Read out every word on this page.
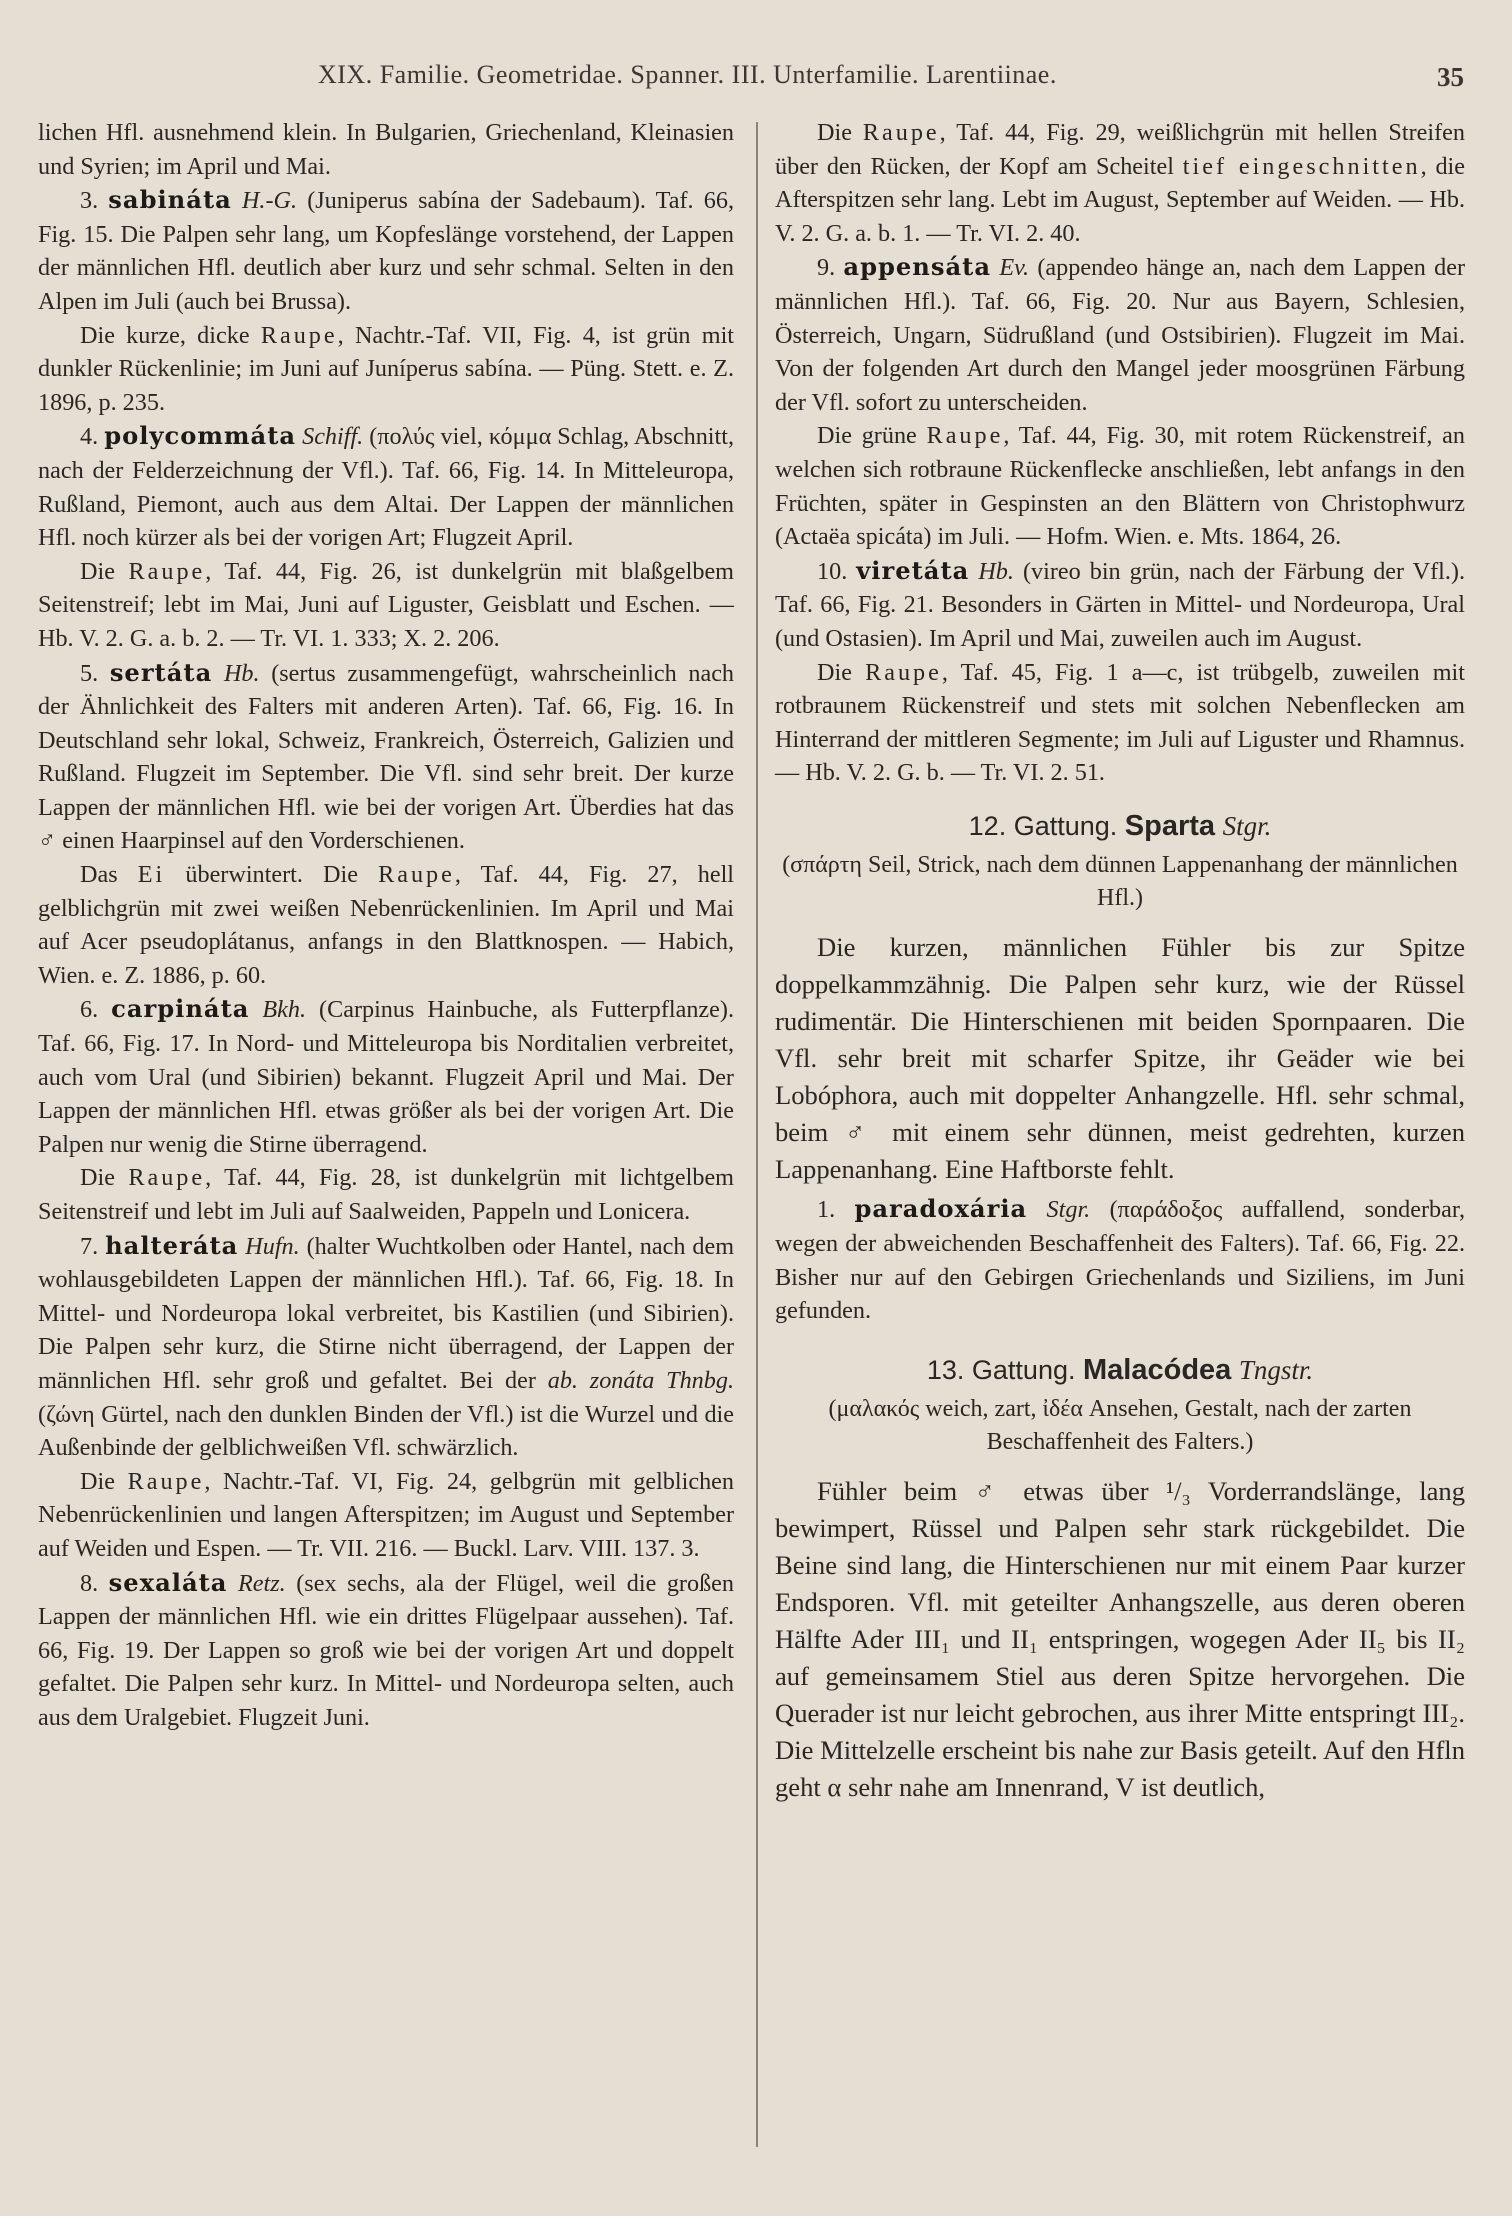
XIX. Familie. Geometridae. Spanner. III. Unterfamilie. Larentiinae.	35

lichen Hfl. ausnehmend klein. In Bulgarien, Griechenland, Kleinasien und Syrien; im April und Mai.

3. sabináta H.-G. (Juniperus sabína der Sadebaum). Taf. 66, Fig. 15. Die Palpen sehr lang, um Kopfeslänge vorstehend, der Lappen der männlichen Hfl. deutlich aber kurz und sehr schmal. Selten in den Alpen im Juli (auch bei Brussa).

Die kurze, dicke Raupe, Nachtr.-Taf. VII, Fig. 4, ist grün mit dunkler Rückenlinie; im Juni auf Juníperus sabína. — Püng. Stett. e. Z. 1896, p. 235.

4. polycommáta Schiff. (πολύς viel, κόμμα Schlag, Abschnitt, nach der Felderzeichnung der Vfl.). Taf. 66, Fig. 14. In Mitteleuropa, Rußland, Piemont, auch aus dem Altai. Der Lappen der männlichen Hfl. noch kürzer als bei der vorigen Art; Flugzeit April.

Die Raupe, Taf. 44, Fig. 26, ist dunkelgrün mit blaßgelbem Seitenstreif; lebt im Mai, Juni auf Liguster, Geisblatt und Eschen. — Hb. V. 2. G. a. b. 2. — Tr. VI. 1. 333; X. 2. 206.

5. sertáta Hb. (sertus zusammengefügt, wahrscheinlich nach der Ähnlichkeit des Falters mit anderen Arten). Taf. 66, Fig. 16. In Deutschland sehr lokal, Schweiz, Frankreich, Österreich, Galizien und Rußland. Flugzeit im September. Die Vfl. sind sehr breit. Der kurze Lappen der männlichen Hfl. wie bei der vorigen Art. Überdies hat das ♂ einen Haarpinsel auf den Vorderschienen.

Das Ei überwintert. Die Raupe, Taf. 44, Fig. 27, hell gelblichgrün mit zwei weißen Nebenrückenlinien. Im April und Mai auf Acer pseudoplátanus, anfangs in den Blattknospen. — Habich, Wien. e. Z. 1886, p. 60.

6. carpináta Bkh. (Carpinus Hainbuche, als Futterpflanze). Taf. 66, Fig. 17. In Nord- und Mitteleuropa bis Norditalien verbreitet, auch vom Ural (und Sibirien) bekannt. Flugzeit April und Mai. Der Lappen der männlichen Hfl. etwas größer als bei der vorigen Art. Die Palpen nur wenig die Stirne überragend.

Die Raupe, Taf. 44, Fig. 28, ist dunkelgrün mit lichtgelbem Seitenstreif und lebt im Juli auf Saalweiden, Pappeln und Lonicera.

7. halteráta Hufn. (halter Wuchtkolben oder Hantel, nach dem wohlausgebildeten Lappen der männlichen Hfl.). Taf. 66, Fig. 18. In Mittel- und Nordeuropa lokal verbreitet, bis Kastilien (und Sibirien). Die Palpen sehr kurz, die Stirne nicht überragend, der Lappen der männlichen Hfl. sehr groß und gefaltet. Bei der ab. zonáta Thnbg. (ζώνη Gürtel, nach den dunklen Binden der Vfl.) ist die Wurzel und die Außenbinde der gelblichweißen Vfl. schwärzlich.

Die Raupe, Nachtr.-Taf. VI, Fig. 24, gelbgrün mit gelblichen Nebenrückenlinien und langen Afterspitzen; im August und September auf Weiden und Espen. — Tr. VII. 216. — Buckl. Larv. VIII. 137. 3.

8. sexaláta Retz. (sex sechs, ala der Flügel, weil die großen Lappen der männlichen Hfl. wie ein drittes Flügelpaar aussehen). Taf. 66, Fig. 19. Der Lappen so groß wie bei der vorigen Art und doppelt gefaltet. Die Palpen sehr kurz. In Mittel- und Nordeuropa selten, auch aus dem Uralgebiet. Flugzeit Juni.

Die Raupe, Taf. 44, Fig. 29, weißlichgrün mit hellen Streifen über den Rücken, der Kopf am Scheitel tief eingeschnitten, die Afterspitzen sehr lang. Lebt im August, September auf Weiden. — Hb. V. 2. G. a. b. 1. — Tr. VI. 2. 40.

9. appensáta Ev. (appendeo hänge an, nach dem Lappen der männlichen Hfl.). Taf. 66, Fig. 20. Nur aus Bayern, Schlesien, Österreich, Ungarn, Südrußland (und Ostsibirien). Flugzeit im Mai. Von der folgenden Art durch den Mangel jeder moosgrünen Färbung der Vfl. sofort zu unterscheiden.

Die grüne Raupe, Taf. 44, Fig. 30, mit rotem Rückenstreif, an welchen sich rotbraune Rückenflecke anschließen, lebt anfangs in den Früchten, später in Gespinsten an den Blättern von Christophwurz (Actaëa spicáta) im Juli. — Hofm. Wien. e. Mts. 1864, 26.

10. viretáta Hb. (vireo bin grün, nach der Färbung der Vfl.). Taf. 66, Fig. 21. Besonders in Gärten in Mittel- und Nordeuropa, Ural (und Ostasien). Im April und Mai, zuweilen auch im August.

Die Raupe, Taf. 45, Fig. 1 a—c, ist trübgelb, zuweilen mit rotbraunem Rückenstreif und stets mit solchen Nebenflecken am Hinterrand der mittleren Segmente; im Juli auf Liguster und Rhamnus. — Hb. V. 2. G. b. — Tr. VI. 2. 51.

12. Gattung. Sparta Stgr.
(σπάρτη Seil, Strick, nach dem dünnen Lappenanhang der männlichen Hfl.)

Die kurzen, männlichen Fühler bis zur Spitze doppelkammzähnig. Die Palpen sehr kurz, wie der Rüssel rudimentär. Die Hinterschienen mit beiden Spornpaaren. Die Vfl. sehr breit mit scharfer Spitze, ihr Geäder wie bei Lobóphora, auch mit doppelter Anhangzelle. Hfl. sehr schmal, beim ♂ mit einem sehr dünnen, meist gedrehten, kurzen Lappenanhang. Eine Haftborste fehlt.

1. paradoxária Stgr. (παράδοξος auffallend, sonderbar, wegen der abweichenden Beschaffenheit des Falters). Taf. 66, Fig. 22. Bisher nur auf den Gebirgen Griechenlands und Siziliens, im Juni gefunden.

13. Gattung. Malacódea Tngstr.
(μαλακός weich, zart, ἰδέα Ansehen, Gestalt, nach der zarten Beschaffenheit des Falters.)

Fühler beim ♂ etwas über ¹/₃ Vorderrandslänge, lang bewimpert, Rüssel und Palpen sehr stark rückgebildet. Die Beine sind lang, die Hinterschienen nur mit einem Paar kurzer Endsporen. Vfl. mit geteilter Anhangszelle, aus deren oberen Hälfte Ader III₁ und II₁ entspringen, wogegen Ader II₅ bis II₂ auf gemeinsamem Stiel aus deren Spitze hervorgehen. Die Querader ist nur leicht gebrochen, aus ihrer Mitte entspringt III₂. Die Mittelzelle erscheint bis nahe zur Basis geteilt. Auf den Hfln geht α sehr nahe am Innenrand, V ist deutlich,
